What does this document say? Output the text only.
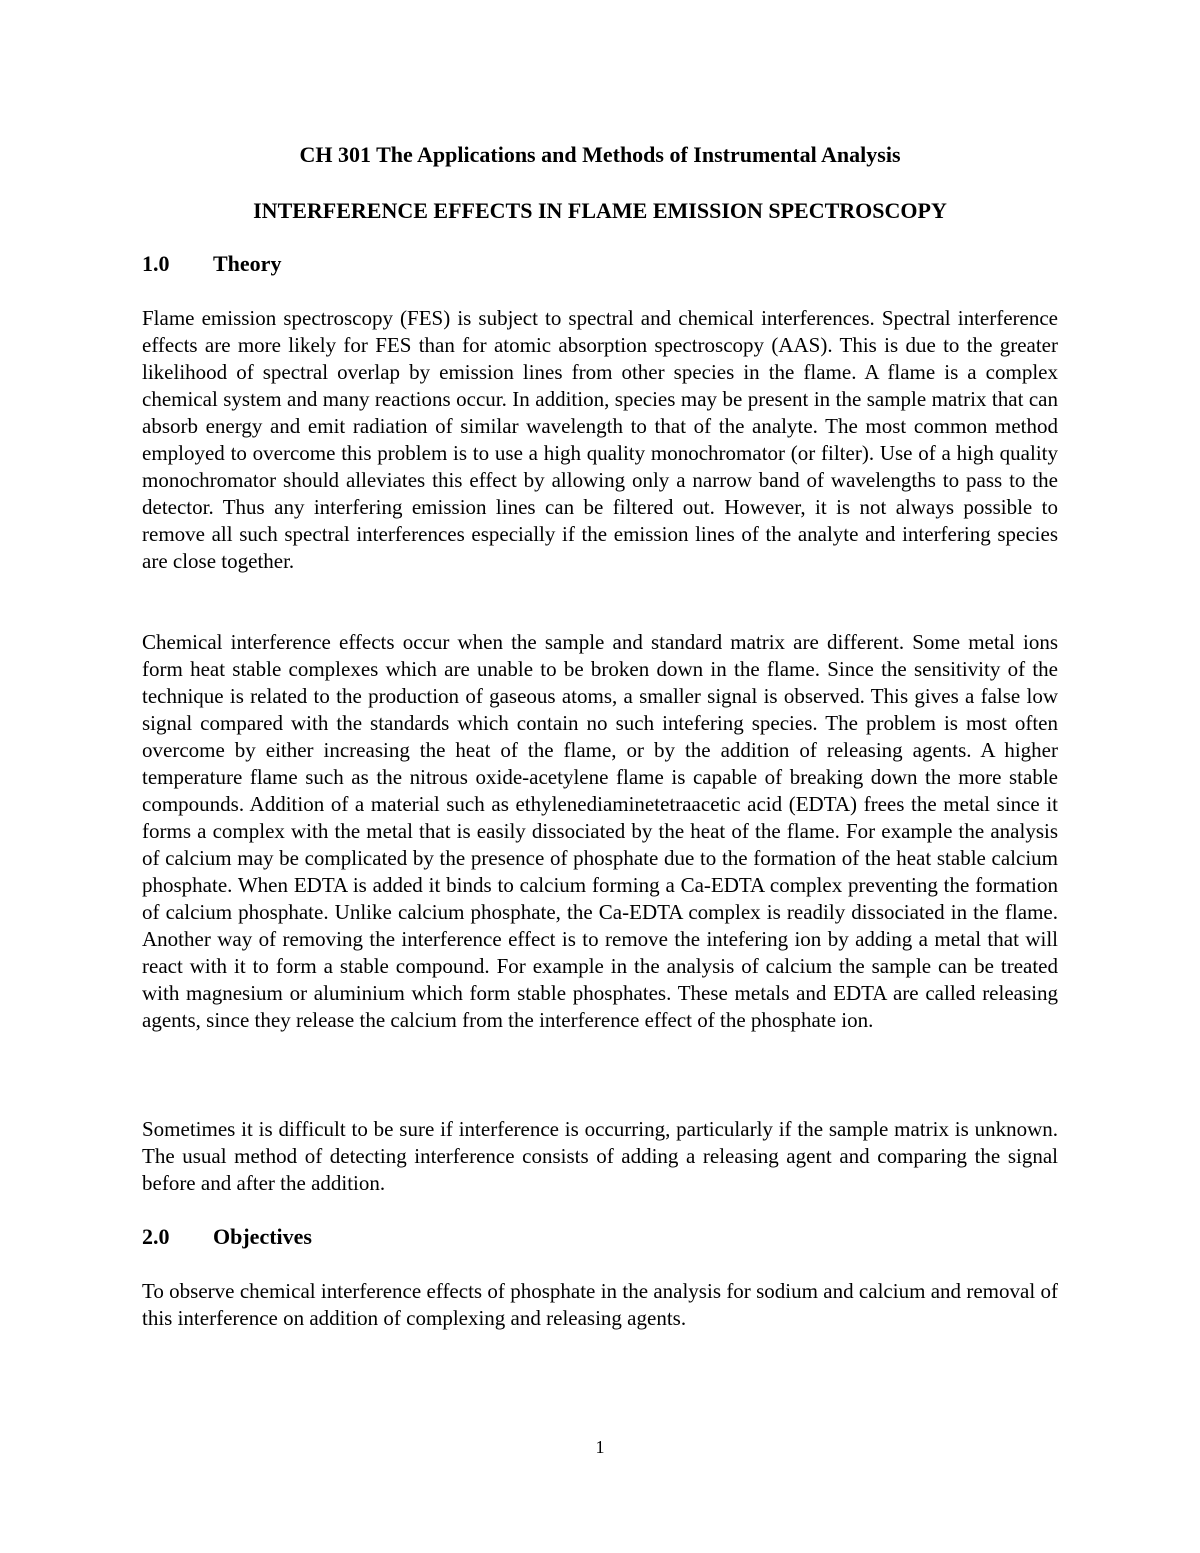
CH 301 The Applications and Methods of Instrumental Analysis
INTERFERENCE EFFECTS IN FLAME EMISSION SPECTROSCOPY
1.0 Theory

Flame emission spectroscopy (FES) is subject to spectral and chemical interferences. Spectral interference effects are more likely for FES than for atomic absorption spectroscopy (AAS). This is due to the greater likelihood of spectral overlap by emission lines from other species in the flame. A flame is a complex chemical system and many reactions occur. In addition, species may be present in the sample matrix that can absorb energy and emit radiation of similar wavelength to that of the analyte. The most common method employed to overcome this problem is to use a high quality monochromator (or filter). Use of a high quality monochromator should alleviates this effect by allowing only a narrow band of wavelengths to pass to the detector. Thus any interfering emission lines can be filtered out. However, it is not always possible to remove all such spectral interferences especially if the emission lines of the analyte and interfering species are close together.

Chemical interference effects occur when the sample and standard matrix are different. Some metal ions form heat stable complexes which are unable to be broken down in the flame. Since the sensitivity of the technique is related to the production of gaseous atoms, a smaller signal is observed. This gives a false low signal compared with the standards which contain no such intefering species. The problem is most often overcome by either increasing the heat of the flame, or by the addition of releasing agents. A higher temperature flame such as the nitrous oxide-acetylene flame is capable of breaking down the more stable compounds. Addition of a material such as ethylenediaminetetraacetic acid (EDTA) frees the metal since it forms a complex with the metal that is easily dissociated by the heat of the flame. For example the analysis of calcium may be complicated by the presence of phosphate due to the formation of the heat stable calcium phosphate. When EDTA is added it binds to calcium forming a Ca-EDTA complex preventing the formation of calcium phosphate. Unlike calcium phosphate, the Ca-EDTA complex is readily dissociated in the flame. Another way of removing the interference effect is to remove the intefering ion by adding a metal that will react with it to form a stable compound. For example in the analysis of calcium the sample can be treated with magnesium or aluminium which form stable phosphates. These metals and EDTA are called releasing agents, since they release the calcium from the interference effect of the phosphate ion.

Sometimes it is difficult to be sure if interference is occurring, particularly if the sample matrix is unknown. The usual method of detecting interference consists of adding a releasing agent and comparing the signal before and after the addition.

2.0 Objectives

To observe chemical interference effects of phosphate in the analysis for sodium and calcium and removal of this interference on addition of complexing and releasing agents.

1
